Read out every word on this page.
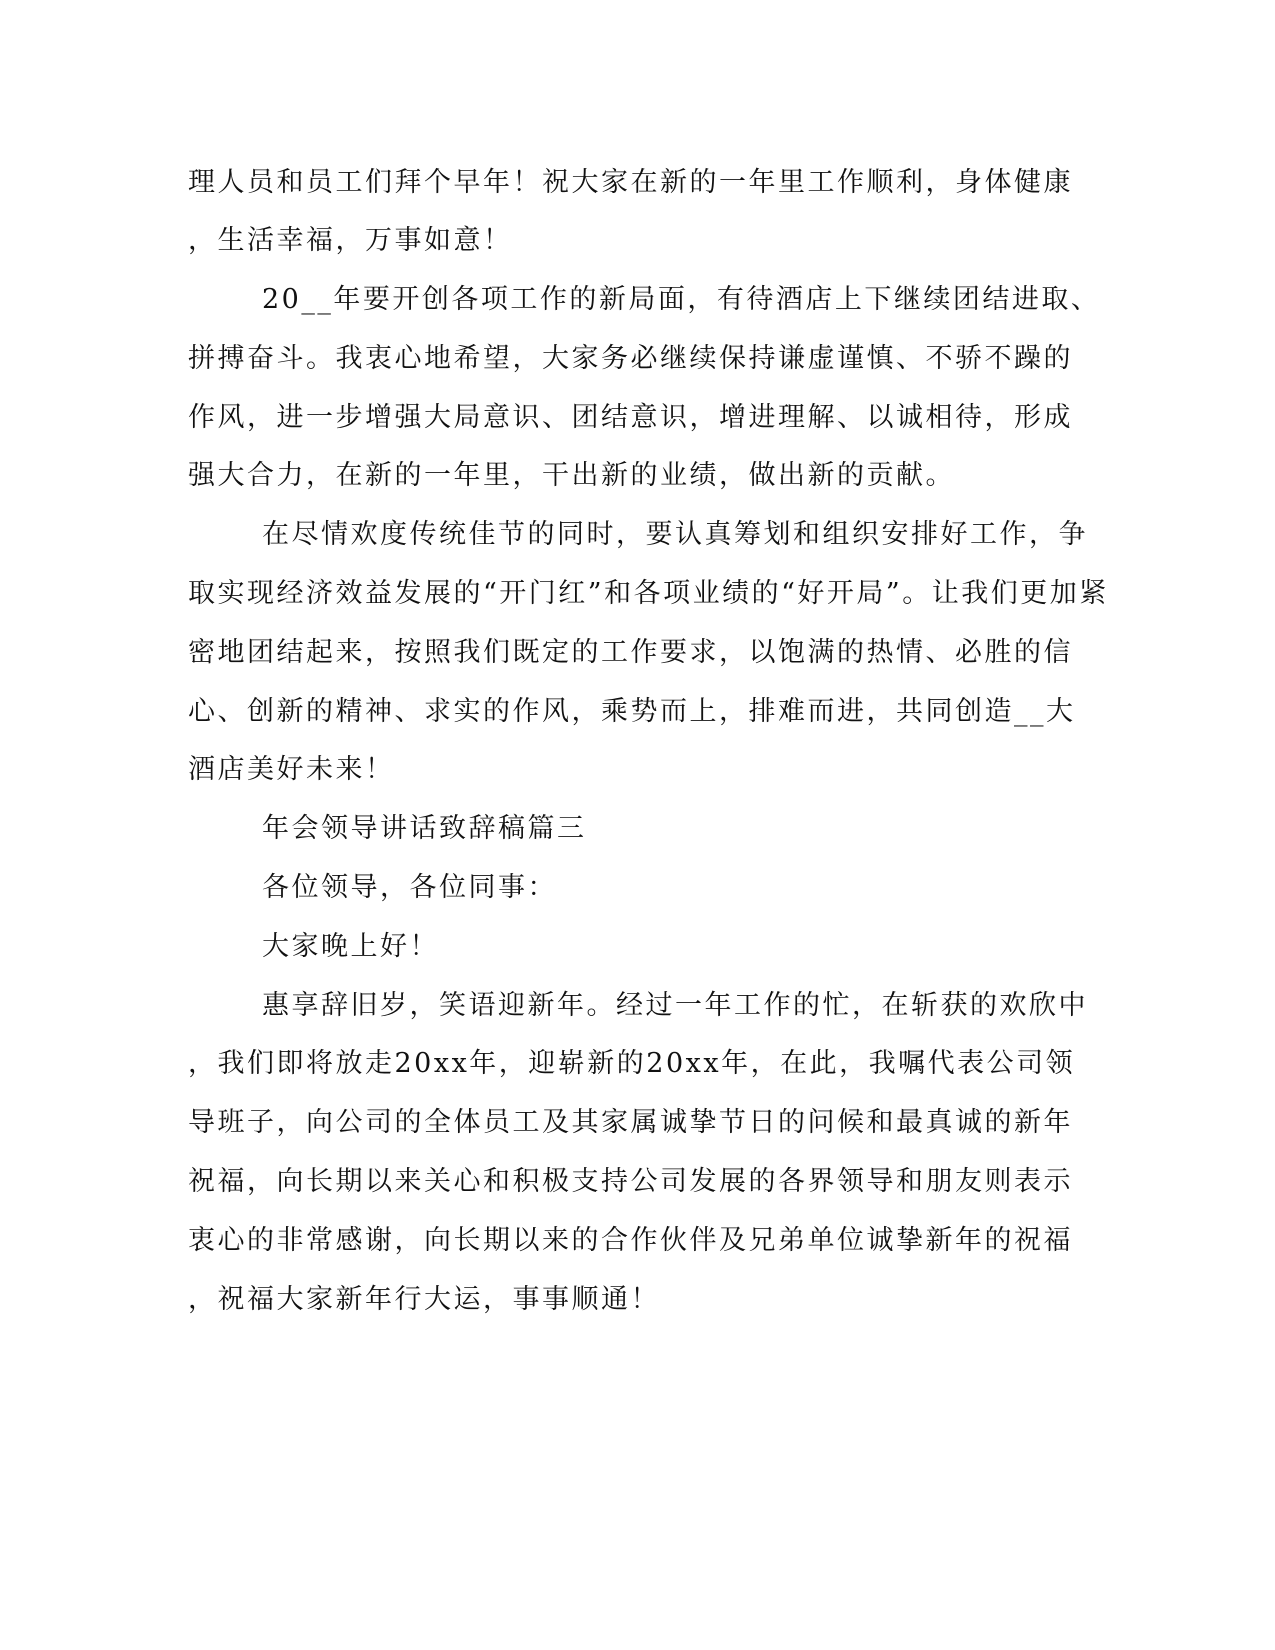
理人员和员工们拜个早年！祝大家在新的一年里工作顺利，身体健康
，生活幸福，万事如意！
20__年要开创各项工作的新局面，有待酒店上下继续团结进取、
拼搏奋斗。我衷心地希望，大家务必继续保持谦虚谨慎、不骄不躁的
作风，进一步增强大局意识、团结意识，增进理解、以诚相待，形成
强大合力，在新的一年里，干出新的业绩，做出新的贡献。
在尽情欢度传统佳节的同时，要认真筹划和组织安排好工作，争
取实现经济效益发展的“开门红”和各项业绩的“好开局”。让我们更加紧
密地团结起来，按照我们既定的工作要求，以饱满的热情、必胜的信
心、创新的精神、求实的作风，乘势而上，排难而进，共同创造__大
酒店美好未来！
年会领导讲话致辞稿篇三
各位领导，各位同事：
大家晚上好！
惠享辞旧岁，笑语迎新年。经过一年工作的忙，在斩获的欢欣中
，我们即将放走20xx年，迎崭新的20xx年，在此，我嘱代表公司领
导班子，向公司的全体员工及其家属诚挚节日的问候和最真诚的新年
祝福，向长期以来关心和积极支持公司发展的各界领导和朋友则表示
衷心的非常感谢，向长期以来的合作伙伴及兄弟单位诚挚新年的祝福
，祝福大家新年行大运，事事顺通！
